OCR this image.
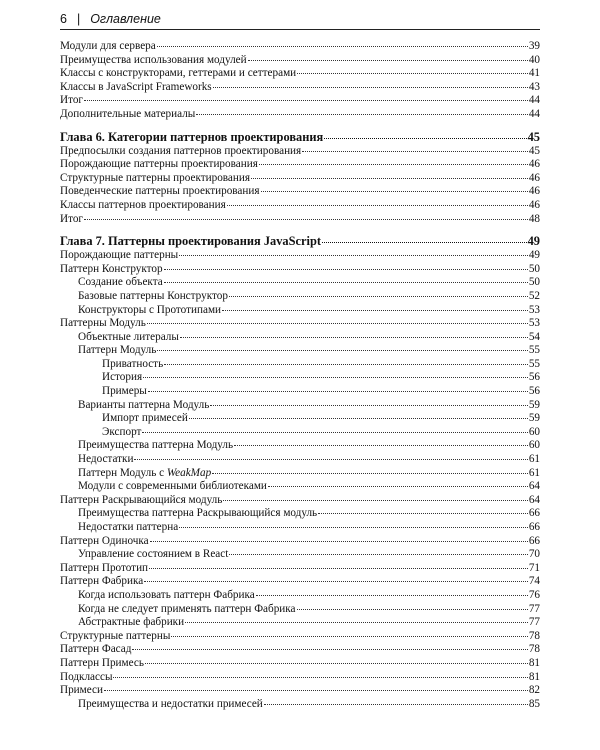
6 | Оглавление
Модули для сервера	39
Преимущества использования модулей	40
Классы с конструкторами, геттерами и сеттерами	41
Классы в JavaScript Frameworks	43
Итог	44
Дополнительные материалы	44
Глава 6. Категории паттернов проектирования	45
Предпосылки создания паттернов проектирования	45
Порождающие паттерны проектирования	46
Структурные паттерны проектирования	46
Поведенческие паттерны проектирования	46
Классы паттернов проектирования	46
Итог	48
Глава 7. Паттерны проектирования JavaScript	49
Порождающие паттерны	49
Паттерн Конструктор	50
Создание объекта	50
Базовые паттерны Конструктор	52
Конструкторы с Прототипами	53
Паттерны Модуль	53
Объектные литералы	54
Паттерн Модуль	55
Приватность	55
История	56
Примеры	56
Варианты паттерна Модуль	59
Импорт примесей	59
Экспорт	60
Преимущества паттерна Модуль	60
Недостатки	61
Паттерн Модуль с WeakMap	61
Модули с современными библиотеками	64
Паттерн Раскрывающийся модуль	64
Преимущества паттерна Раскрывающийся модуль	66
Недостатки паттерна	66
Паттерн Одиночка	66
Управление состоянием в React	70
Паттерн Прототип	71
Паттерн Фабрика	74
Когда использовать паттерн Фабрика	76
Когда не следует применять паттерн Фабрика	77
Абстрактные фабрики	77
Структурные паттерны	78
Паттерн Фасад	78
Паттерн Примесь	81
Подклассы	81
Примеси	82
Преимущества и недостатки примесей	85
